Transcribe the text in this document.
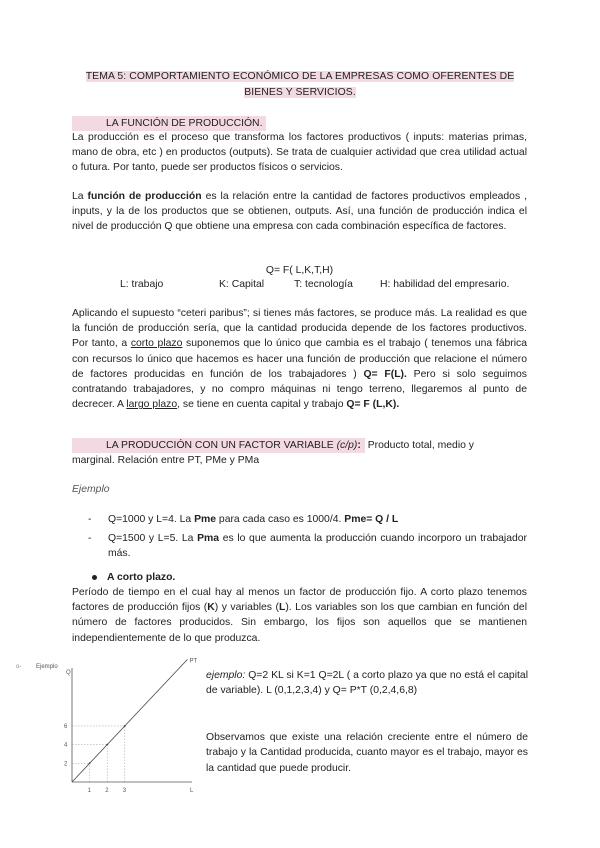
TEMA 5: COMPORTAMIENTO ECONÓMICO DE LA EMPRESAS COMO OFERENTES DE
BIENES Y SERVICIOS.
LA FUNCIÓN DE PRODUCCIÓN.
La producción es el proceso que transforma los factores productivos ( inputs: materias primas, mano de obra, etc ) en productos (outputs). Se trata de cualquier actividad que crea utilidad actual o futura. Por tanto, puede ser productos físicos o servicios.
La función de producción es la relación entre la cantidad de factores productivos empleados , inputs, y la de los productos que se obtienen, outputs. Así, una función de producción indica el nivel de producción Q que obtiene una empresa con cada combinación específica de factores.
Q= F( L,K,T,H)
L: trabajo	K: Capital	T: tecnología	H: habilidad del empresario.
Aplicando el supuesto “ceteri paribus”; si tienes más factores, se produce más. La realidad es que la función de producción sería, que la cantidad producida depende de los factores productivos. Por tanto, a corto plazo suponemos que lo único que cambia es el trabajo ( tenemos una fábrica con recursos lo único que hacemos es hacer una función de producción que relacione el número de factores producidas en función de los trabajadores ) Q= F(L). Pero si solo seguimos contratando trabajadores, y no compro máquinas ni tengo terreno, llegaremos al punto de decrecer. A largo plazo, se tiene en cuenta capital y trabajo Q= F (L,K).
LA PRODUCCIÓN CON UN FACTOR VARIABLE (c/p): Producto total, medio y
marginal. Relación entre PT, PMe y PMa
Ejemplo
- Q=1000 y L=4. La Pme para cada caso es 1000/4. Pme= Q / L
- Q=1500 y L=5. La Pma es lo que aumenta la producción cuando incorporo un trabajador más.
A corto plazo.
Período de tiempo en el cual hay al menos un factor de producción fijo. A corto plazo tenemos factores de producción fijos (K) y variables (L). Los variables son los que cambian en función del número de factores producidos. Sin embargo, los fijos son aquellos que se mantienen independientemente de lo que produzca.
Ejemplo
Q
L
o-
PT
1
2
2
4
3
6
ejemplo: Q=2 KL si K=1 Q=2L ( a corto plazo ya que no está el capital de variable). L (0,1,2,3,4) y Q= P*T (0,2,4,6,8)
Observamos que existe una relación creciente entre el número de trabajo y la Cantidad producida, cuanto mayor es el trabajo, mayor es la cantidad que puede producir.
